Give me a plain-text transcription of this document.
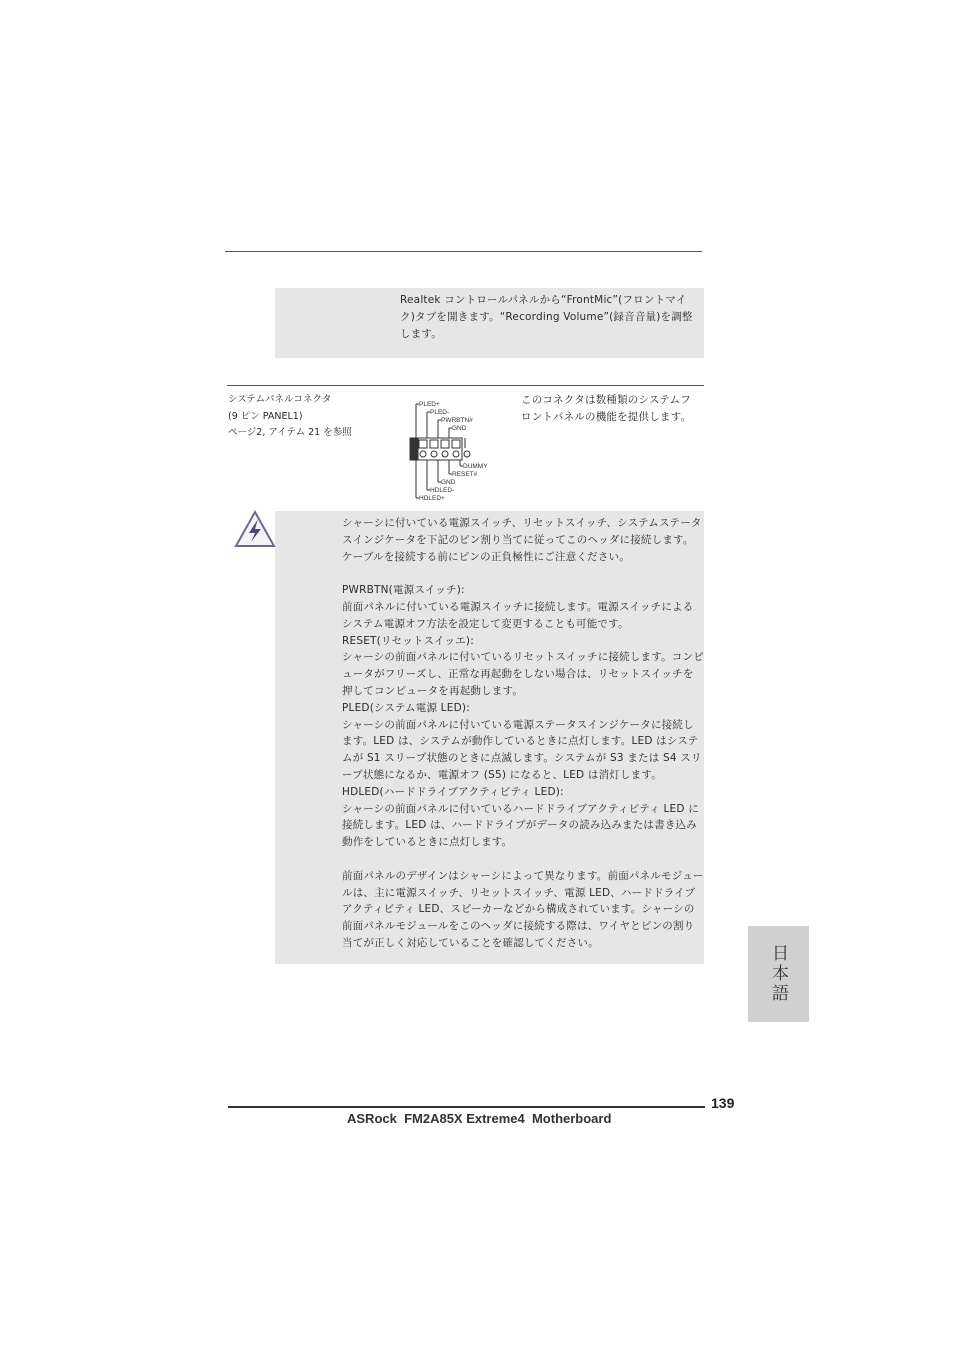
Realtek コントロールパネルから“FrontMic”(フロントマイク)タブを開きます。“Recording Volume”(録音音量)を調整します。
システムパネルコネクタ
(9 ピン PANEL1)
ページ2, アイテム 21 を参照
PLED+
PLED-
PWRBTN#
GND
DUMMY
RESET#
GND
HDLED-
HDLED+
このコネクタは数種類のシステムフロントパネルの機能を提供します。

シャーシに付いている電源スイッチ、リセットスイッチ、システムステータスインジケータを下記のピン割り当てに従ってこのヘッダに接続します。ケーブルを接続する前にピンの正負極性にご注意ください。

PWRBTN(電源スイッチ):

前面パネルに付いている電源スイッチに接続します。電源スイッチによるシステム電源オフ方法を設定して変更することも可能です。

RESET(リセットスイッエ):

シャーシの前面パネルに付いているリセットスイッチに接続します。コンピュータがフリーズし、正常な再起動をしない場合は、リセットスイッチを押してコンピュータを再起動します。

PLED(システム電源 LED):

シャーシの前面パネルに付いている電源ステータスインジケータに接続します。LED は、システムが動作しているときに点灯します。LED はシステムが S1 スリープ状態のときに点滅します。システムが S3 または S4 スリープ状態になるか、電源オフ (S5) になると、LED は消灯します。

HDLED(ハードドライブアクティビティ LED):

シャーシの前面パネルに付いているハードドライブアクティビティ LED に接続します。LED は、ハードドライブがデータの読み込みまたは書き込み動作をしているときに点灯します。

前面パネルのデザインはシャーシによって異なります。前面パネルモジュールは、主に電源スイッチ、リセットスイッチ、電源 LED、ハードドライブアクティビティ LED、スピーカーなどから構成されています。シャーシの前面パネルモジュールをこのヘッダに接続する際は、ワイヤとピンの割り当てが正しく対応していることを確認してください。

日本語
139
ASRock  FM2A85X Extreme4  Motherboard
